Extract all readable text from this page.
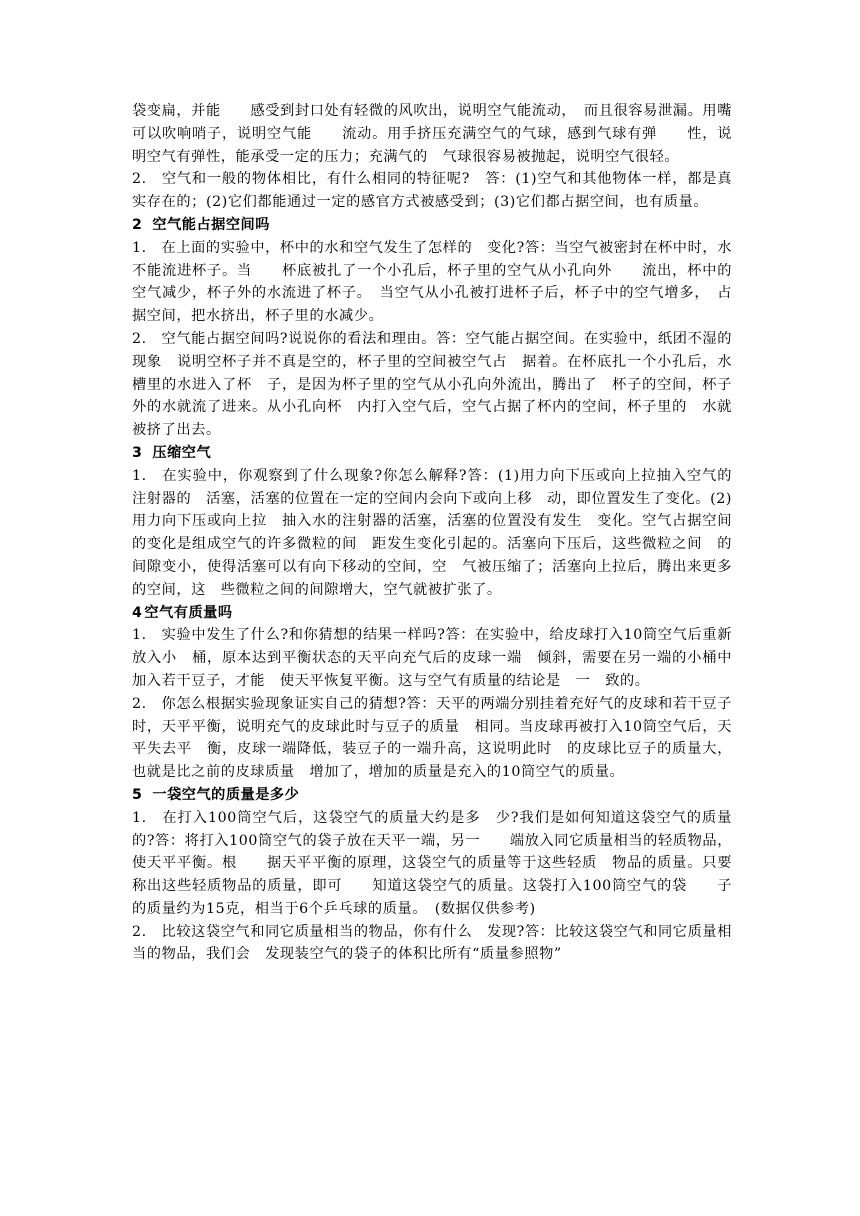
袋变扁，并能　　感受到封口处有轻微的风吹出，说明空气能流动，　而且很容易泄漏。用嘴可以吹响哨子，说明空气能　　流动。用手挤压充满空气的气球，感到气球有弹　　性，说明空气有弹性，能承受一定的压力；充满气的　气球很容易被抛起，说明空气很轻。

2.　空气和一般的物体相比，有什么相同的特征呢?　答：(1)空气和其他物体一样，都是真实存在的；(2)它们都能通过一定的感官方式被感受到；(3)它们都占据空间，也有质量。

2 空气能占据空间吗

1.　在上面的实验中，杯中的水和空气发生了怎样的　变化?答：当空气被密封在杯中时，水不能流进杯子。当　　杯底被扎了一个小孔后，杯子里的空气从小孔向外　　流出，杯中的空气减少，杯子外的水流进了杯子。　当空气从小孔被打进杯子后，杯子中的空气增多，　占据空间，把水挤出，杯子里的水减少。

2.　空气能占据空间吗?说说你的看法和理由。答：空气能占据空间。在实验中，纸团不湿的现象　说明空杯子并不真是空的，杯子里的空间被空气占　据着。在杯底扎一个小孔后，水槽里的水进入了杯　子，是因为杯子里的空气从小孔向外流出，腾出了　杯子的空间，杯子外的水就流了进来。从小孔向杯　内打入空气后，空气占据了杯内的空间，杯子里的　水就被挤了出去。

3 压缩空气

1.　在实验中，你观察到了什么现象?你怎么解释?答：(1)用力向下压或向上拉抽入空气的注射器的　活塞，活塞的位置在一定的空间内会向下或向上移　动，即位置发生了变化。(2)用力向下压或向上拉　抽入水的注射器的活塞，活塞的位置没有发生　变化。空气占据空间的变化是组成空气的许多微粒的间　距发生变化引起的。活塞向下压后，这些微粒之间　的间隙变小，使得活塞可以有向下移动的空间，空　气被压缩了；活塞向上拉后，腾出来更多的空间，这　些微粒之间的间隙增大，空气就被扩张了。

4 空气有质量吗

1.　实验中发生了什么?和你猜想的结果一样吗?答：在实验中，给皮球打入10筒空气后重新放入小　桶，原本达到平衡状态的天平向充气后的皮球一端　倾斜，需要在另一端的小桶中加入若干豆子，才能　使天平恢复平衡。这与空气有质量的结论是　一　致的。

2.　你怎么根据实验现象证实自己的猜想?答：天平的两端分别挂着充好气的皮球和若干豆子　时，天平平衡，说明充气的皮球此时与豆子的质量　相同。当皮球再被打入10筒空气后，天平失去平　衡，皮球一端降低，装豆子的一端升高，这说明此时　的皮球比豆子的质量大，也就是比之前的皮球质量　增加了，增加的质量是充入的10筒空气的质量。

5 一袋空气的质量是多少

1.　在打入100筒空气后，这袋空气的质量大约是多　少?我们是如何知道这袋空气的质量的?答：将打入100筒空气的袋子放在天平一端，另一　　端放入同它质量相当的轻质物品，使天平平衡。根　　据天平平衡的原理，这袋空气的质量等于这些轻质　物品的质量。只要称出这些轻质物品的质量，即可　　知道这袋空气的质量。这袋打入100筒空气的袋　　子的质量约为15克，相当于6个乒乓球的质量。　(数据仅供参考)

2.　比较这袋空气和同它质量相当的物品，你有什么　发现?答：比较这袋空气和同它质量相当的物品，我们会　发现装空气的袋子的体积比所有“质量参照物”
